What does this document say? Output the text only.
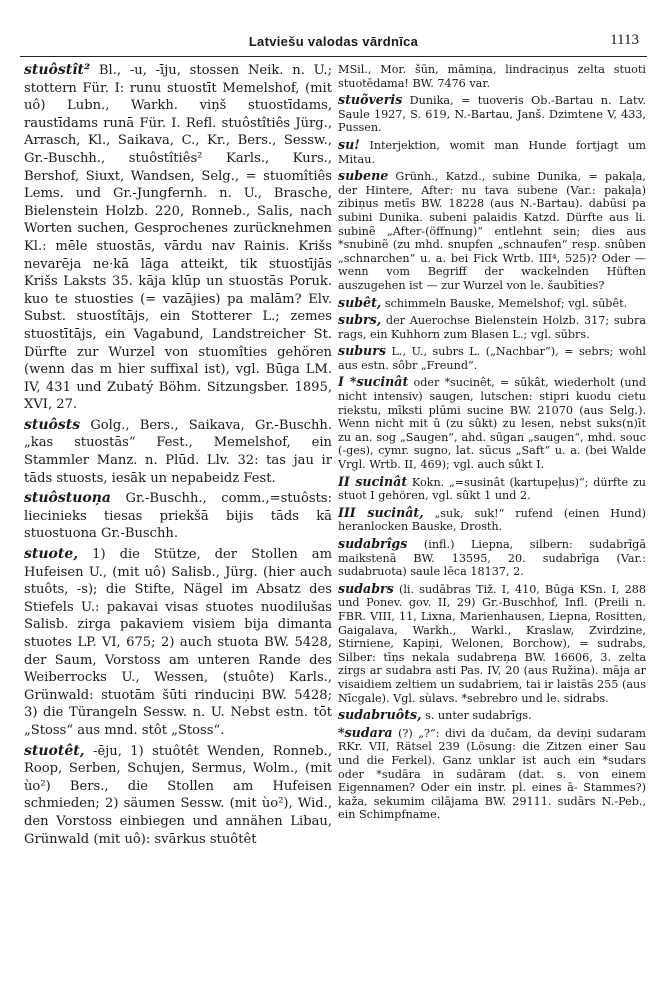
Latviešu valodas vārdnīca	1113

stuôstît² Bl., -u, -īju, stossen Neik. n. U.; stottern Für. I: runu stuostīt Memelshof, (mit uô) Lubn., Warkh. viņš stuostīdams, raustīdams runā Für. I. Refl. stuôstîtiês Jürg., Arrasch, Kl., Saikava, C., Kr., Bers., Sessw., Gr.-Buschh., stuôstîtiês² Karls., Kurs., Bershof, Siuxt, Wandsen, Selg., = stuomîtiês Lems. und Gr.-Jungfernh. n. U., Brasche, Bielenstein Holzb. 220, Ronneb., Salis, nach Worten suchen, Gesprochenes zurücknehmen Kl.: mēle stuostās, vārdu nav Rainis. Krišs nevarēja ne·kā lāga atteikt, tik stuostījās Krišs Laksts 35. kāja klūp un stuostās Poruk. kuo te stuosties (= vazājies) pa malām? Elv. Subst. stuostîtājs, ein Stotterer L.; zemes stuostītājs, ein Vagabund, Landstreicher St. Dürfte zur Wurzel von stuomîties gehören (wenn das m hier suffixal ist), vgl. Būga LM. IV, 431 und Zubatý Böhm. Sitzungsber. 1895, XVI, 27.

stuôsts Golg., Bers., Saikava, Gr.-Buschh. „kas stuostās“ Fest., Memelshof, ein Stammler Manz. n. Plūd. Llv. 32: tas jau ir tāds stuosts, iesāk un nepabeidz Fest.

stuôstuoņa Gr.-Buschh., comm.,=stuôsts: liecinieks tiesas priekšā bijis tāds kā stuostuona Gr.-Buschh.

stuote, 1) die Stütze, der Stollen am Hufeisen U., (mit uô) Salisb., Jürg. (hier auch stuôts, -s); die Stifte, Nägel im Absatz des Stiefels U.: pakavai visas stuotes nuodilušas Salisb. zirga pakaviem visiem bija dimanta stuotes LP. VI, 675; 2) auch stuota BW. 5428, der Saum, Vorstoss am unteren Rande des Weiberrocks U., Wessen, (stuôte) Karls., Grünwald: stuotām šūti rinduciņi BW. 5428; 3) die Türangeln Sessw. n. U. Nebst estn. tōt „Stoss“ aus mnd. stôt „Stoss“.

stuotêt, -ēju, 1) stuôtêt Wenden, Ronneb., Roop, Serben, Schujen, Sermus, Wolm., (mit ùo²) Bers., die Stollen am Hufeisen schmieden; 2) säumen Sessw. (mit ùo²), Wid., den Vorstoss einbiegen und annähen Libau, Grünwald (mit uô): svārkus stuôtêt

MSil., Mor. šūn, māmiņa, lindraciņus zelta stuoti stuotēdama! BW. 7476 var.

stuõveris Dunika, = tuoveris Ob.-Bartau n. Latv. Saule 1927, S. 619, N.-Bartau, Janš. Dzimtene V, 433, Pussen.

su! Interjektion, womit man Hunde fortjagt um Mitau.

subene Grünh., Katzd., subine Dunika, = pakaļa, der Hintere, After: nu tava subene (Var.: pakaļa) zibiņus metīs BW. 18228 (aus N.-Bartau). dabūsi pa subini Dunika. subeni palaidis Katzd. Dürfte aus li. subinẽ „After-(öffnung)“ entlehnt sein; dies aus *snubinẽ (zu mhd. snupfen „schnaufen“ resp. snûben „schnarchen“ u. a. bei Fick Wrtb. III⁴, 525)? Oder — wenn vom Begriff der wackelnden Hüften auszugehen ist — zur Wurzel von le. šaubīties?

subêt, schimmeln Bauske, Memelshof; vgl. sūbêt.

subrs, der Auerochse Bielenstein Holzb. 317; subra rags, ein Kuhhorn zum Blasen L.; vgl. sūbrs.

suburs L., U., subrs L. („Nachbar“), = sebrs; wohl aus estn. sôbr „Freund“.

I *sucinât oder *sucinêt, = sūkât, wiederholt (und nicht intensiv) saugen, lutschen: stipri kuodu cietu riekstu, mīksti plūmi sucine BW. 21070 (aus Selg.). Wenn nicht mit ū (zu sûkt) zu lesen, nebst suks(n)īt zu an. sog „Saugen“, ahd. sūgan „saugen“, mhd. souc (-ges), cymr. sugno, lat. sūcus „Saft“ u. a. (bei Walde Vrgl. Wrtb. II, 469); vgl. auch sûkt I.

II sucinât Kokn. „=susinât (kartupeļus)“; dürfte zu stuot I gehören, vgl. sûkt 1 und 2.

III sucinât, „suk, suk!“ rufend (einen Hund) heranlocken Bauske, Drosth.

sudabrîgs (infl.) Liepna, silbern: sudabrīgā maikstenā BW. 13595, 20. sudabrīga (Var.: sudabruota) saule lēca 18137, 2.

sudabrs (li. sudābras Tiž. I, 410, Būga KSn. I, 288 und Ponev. gov. II, 29) Gr.-Buschhof, Infl. (Preili n. FBR. VIII, 11, Lixna, Marienhausen, Liepna, Rositten, Gaigalava, Warkh., Warkl., Kraslaw, Zvirdzine, Stirniene, Kapiņi, Welonen, Borchow), = sudrabs, Silber: tīņs nekala sudabreņa BW. 16606, 3. zelta zirgs ar sudabra asti Pas. IV, 20 (aus Ružina). māja ar visaidiem zeltiem un sudabriem, tai ir laistās 255 (aus Nīcgale). Vgl. sùlavs. *sebrebro und le. sidrabs.

sudabruôts, s. unter sudabrîgs.

*sudara (?) „?“: divi da dučam, da deviņi sudaram RKr. VII, Rätsel 239 (Lösung: die Zitzen einer Sau und die Ferkel). Ganz unklar ist auch ein *sudars oder *sudāra in sudāram (dat. s. von einem Eigennamen? Oder ein instr. pl. eines ā- Stammes?) kaža, sekumim cilājama BW. 29111. sudārs N.-Peb., ein Schimpfname.
